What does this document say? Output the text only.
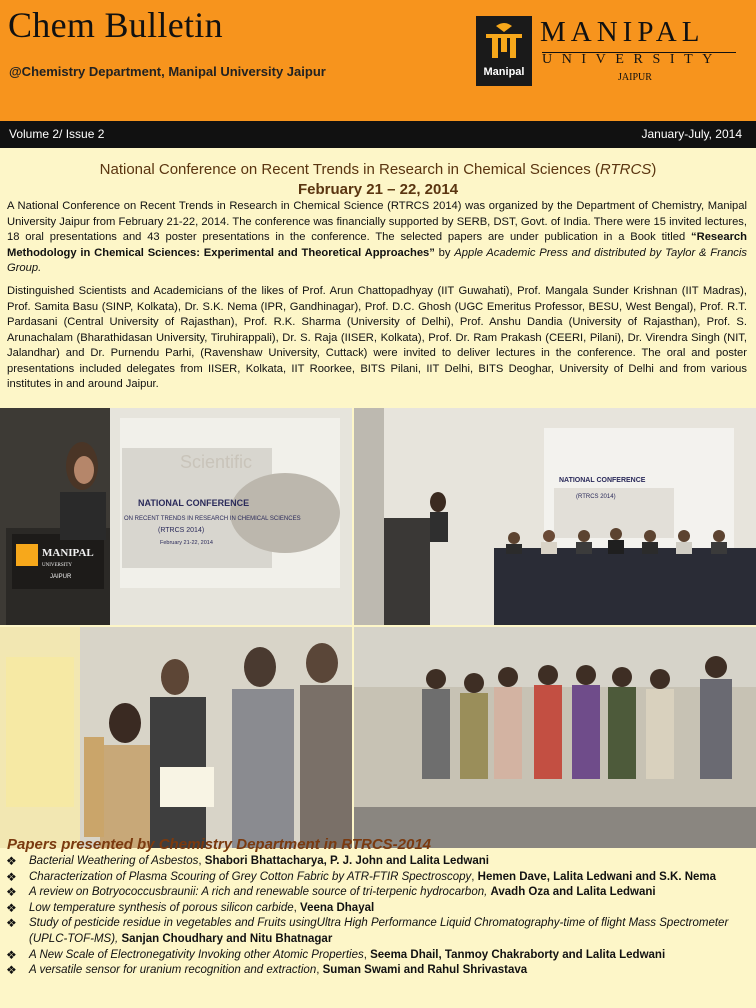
Chem Bulletin
@Chemistry Department, Manipal University Jaipur	Manipal
MANIPAL
UNIVERSITY
JAIPUR
Volume 2/ Issue 2	January-July, 2014
National Conference on Recent Trends in Research in Chemical Sciences (RTRCS)
February 21 – 22, 2014
A National Conference on Recent Trends in Research in Chemical Science (RTRCS 2014) was organized by the Department of Chemistry, Manipal University Jaipur from February 21-22, 2014. The conference was financially supported by SERB, DST, Govt. of India. There were 15 invited lectures, 18 oral presentations and 43 poster presentations in the conference. The selected papers are under publication in a Book titled “Research Methodology in Chemical Sciences: Experimental and Theoretical Approaches” by Apple Academic Press and distributed by Taylor & Francis Group.
Distinguished Scientists and Academicians of the likes of Prof. Arun Chattopadhyay (IIT Guwahati), Prof. Mangala Sunder Krishnan (IIT Madras), Prof. Samita Basu (SINP, Kolkata), Dr. S.K. Nema (IPR, Gandhinagar), Prof. D.C. Ghosh (UGC Emeritus Professor, BESU, West Bengal), Prof. R.T. Pardasani (Central University of Rajasthan), Prof. R.K. Sharma (University of Delhi), Prof. Anshu Dandia (University of Rajasthan), Prof. S. Arunachalam (Bharathidasan University, Tiruhirappali), Dr. S. Raja (IISER, Kolkata), Prof. Dr. Ram Prakash (CEERI, Pilani), Dr. Virendra Singh (NIT, Jalandhar) and Dr. Purnendu Parhi, (Ravenshaw University, Cuttack) were invited to deliver lectures in the conference. The oral and poster presentations included delegates from IISER, Kolkata, IIT Roorkee, BITS Pilani, IIT Delhi, BITS Deoghar, University of Delhi and from various institutes in and around Jaipur.
NATIONAL CONFERENCE
ON RECENT TRENDS IN RESEARCH IN CHEMICAL SCIENCES
(RTRCS 2014)
February 21-22, 2014
Scientific
MANIPAL
UNIVERSITY
JAIPUR
NATIONAL CONFERENCE
(RTRCS 2014)
Papers presented by Chemistry Department in RTRCS-2014
❖ Bacterial Weathering of Asbestos, Shabori Bhattacharya, P. J. John and Lalita Ledwani
❖ Characterization of Plasma Scouring of Grey Cotton Fabric by ATR-FTIR Spectroscopy, Hemen Dave, Lalita Ledwani and S.K. Nema
❖ A review on Botryococcusbraunii: A rich and renewable source of tri-terpenic hydrocarbon, Avadh Oza and Lalita Ledwani
❖ Low temperature synthesis of porous silicon carbide, Veena Dhayal
❖ Study of pesticide residue in vegetables and Fruits usingUltra High Performance Liquid Chromatography-time of flight Mass Spectrometer (UPLC-TOF-MS), Sanjan Choudhary and Nitu Bhatnagar
❖ A New Scale of Electronegativity Invoking other Atomic Properties, Seema Dhail, Tanmoy Chakraborty and Lalita Ledwani
❖ A versatile sensor for uranium recognition and extraction, Suman Swami and Rahul Shrivastava
